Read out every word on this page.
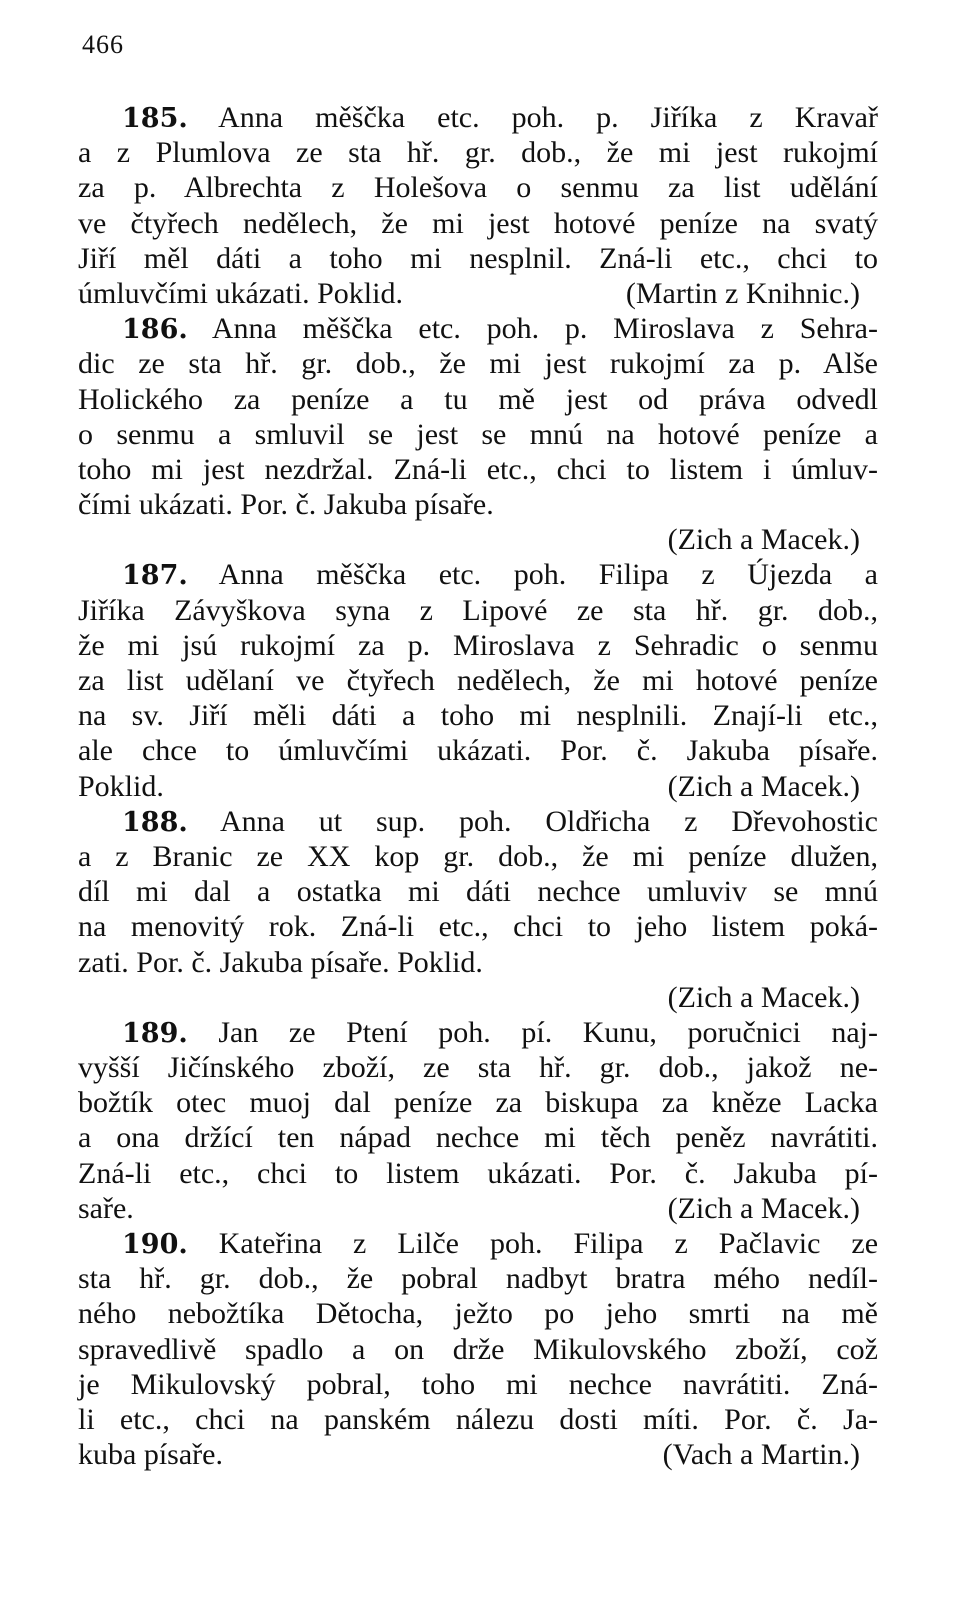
466
185. Anna měščka etc. poh. p. Jiříka z Kravař
a z Plumlova ze sta hř. gr. dob., že mi jest rukojmí
za p. Albrechta z Holešova o senmu za list udělání
ve čtyřech nedělech, že mi jest hotové peníze na svatý
Jiří měl dáti a toho mi nesplnil. Zná-li etc., chci to
úmluvčími ukázati. Poklid.	(Martin z Knihnic.)
186. Anna měščka etc. poh. p. Miroslava z Sehra-
dic ze sta hř. gr. dob., že mi jest rukojmí za p. Alše
Holického za peníze a tu mě jest od práva odvedl
o senmu a smluvil se jest se mnú na hotové peníze a
toho mi jest nezdržal. Zná-li etc., chci to listem i úmluv-
čími ukázati. Por. č. Jakuba písaře.
(Zich a Macek.)
187. Anna měščka etc. poh. Filipa z Újezda a
Jiříka Závyškova syna z Lipové ze sta hř. gr. dob.,
že mi jsú rukojmí za p. Miroslava z Sehradic o senmu
za list udělaní ve čtyřech nedělech, že mi hotové peníze
na sv. Jiří měli dáti a toho mi nesplnili. Znají-li etc.,
ale chce to úmluvčími ukázati. Por. č. Jakuba písaře.
Poklid.	(Zich a Macek.)
188. Anna ut sup. poh. Oldřicha z Dřevohostic
a z Branic ze XX kop gr. dob., že mi peníze dlužen,
díl mi dal a ostatka mi dáti nechce umluviv se mnú
na menovitý rok. Zná-li etc., chci to jeho listem poká-
zati. Por. č. Jakuba písaře. Poklid.
(Zich a Macek.)
189. Jan ze Ptení poh. pí. Kunu, poručnici naj-
vyšší Jičínského zboží, ze sta hř. gr. dob., jakož ne-
božtík otec muoj dal peníze za biskupa za kněze Lacka
a ona držící ten nápad nechce mi těch peněz navrátiti.
Zná-li etc., chci to listem ukázati. Por. č. Jakuba pí-
saře.	(Zich a Macek.)
190. Kateřina z Lilče poh. Filipa z Pačlavic ze
sta hř. gr. dob., že pobral nadbyt bratra mého nedíl-
ného nebožtíka Dětocha, ježto po jeho smrti na mě
spravedlivě spadlo a on drže Mikulovského zboží, což
je Mikulovský pobral, toho mi nechce navrátiti. Zná-
li etc., chci na panském nálezu dosti míti. Por. č. Ja-
kuba písaře.	(Vach a Martin.)
